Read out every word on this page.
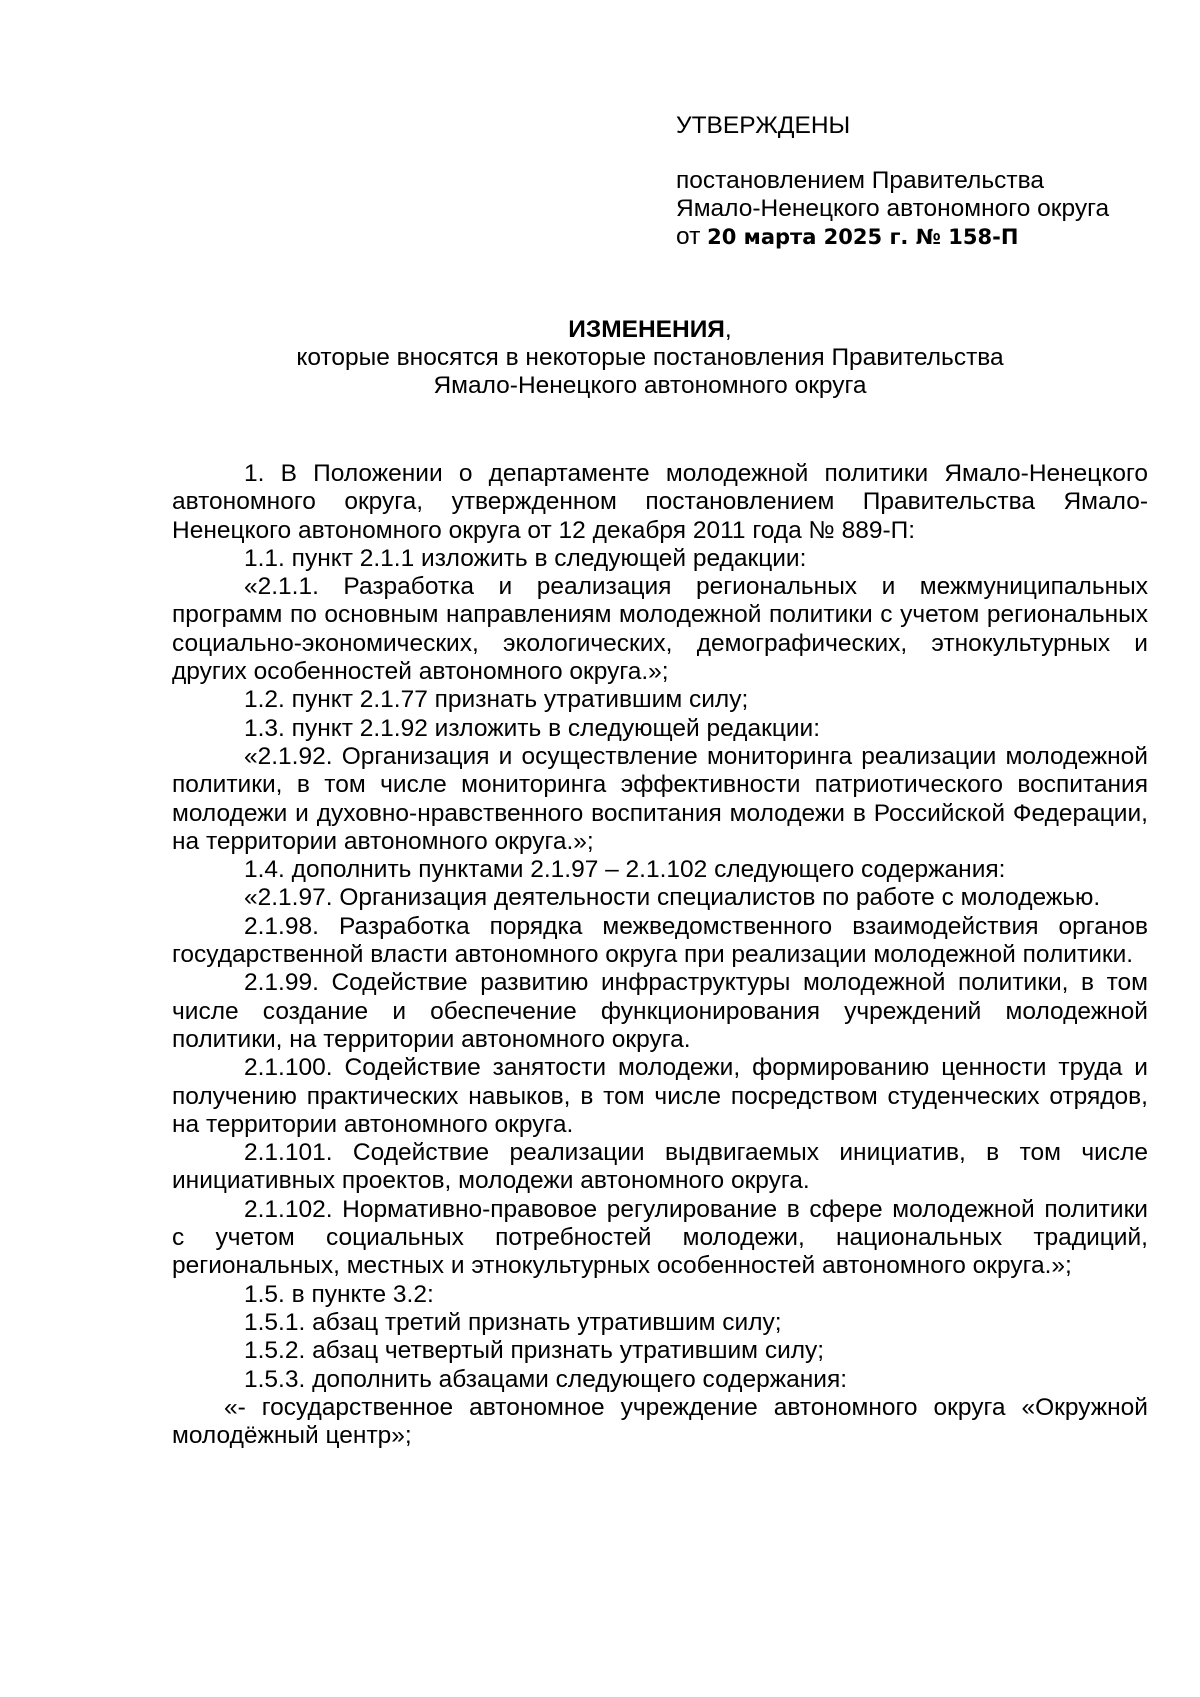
УТВЕРЖДЕНЫ
постановлением Правительства
Ямало-Ненецкого автономного округа
от 20 марта 2025 г. № 158-П
ИЗМЕНЕНИЯ,
которые вносятся в некоторые постановления Правительства
Ямало-Ненецкого автономного округа

1. В Положении о департаменте молодежной политики Ямало-Ненецкого автономного округа, утвержденном постановлением Правительства Ямало-Ненецкого автономного округа от 12 декабря 2011 года № 889-П:

1.1. пункт 2.1.1 изложить в следующей редакции:

«2.1.1. Разработка и реализация региональных и межмуниципальных программ по основным направлениям молодежной политики с учетом региональных социально-экономических, экологических, демографических, этнокультурных и других особенностей автономного округа.»;

1.2. пункт 2.1.77 признать утратившим силу;

1.3. пункт 2.1.92 изложить в следующей редакции:

«2.1.92. Организация и осуществление мониторинга реализации молодежной политики, в том числе мониторинга эффективности патриотического воспитания молодежи и духовно-нравственного воспитания молодежи в Российской Федерации, на территории автономного округа.»;

1.4. дополнить пунктами 2.1.97 – 2.1.102 следующего содержания:

«2.1.97. Организация деятельности специалистов по работе с молодежью.

2.1.98. Разработка порядка межведомственного взаимодействия органов государственной власти автономного округа при реализации молодежной политики.

2.1.99. Содействие развитию инфраструктуры молодежной политики, в том числе создание и обеспечение функционирования учреждений молодежной политики, на территории автономного округа.

2.1.100. Содействие занятости молодежи, формированию ценности труда и получению практических навыков, в том числе посредством студенческих отрядов, на территории автономного округа.

2.1.101. Содействие реализации выдвигаемых инициатив, в том числе инициативных проектов, молодежи автономного округа.

2.1.102. Нормативно-правовое регулирование в сфере молодежной политики с учетом социальных потребностей молодежи, национальных традиций, региональных, местных и этнокультурных особенностей автономного округа.»;

1.5. в пункте 3.2:

1.5.1. абзац третий признать утратившим силу;

1.5.2. абзац четвертый признать утратившим силу;

1.5.3. дополнить абзацами следующего содержания:

«- государственное автономное учреждение автономного округа «Окружной молодёжный центр»;
